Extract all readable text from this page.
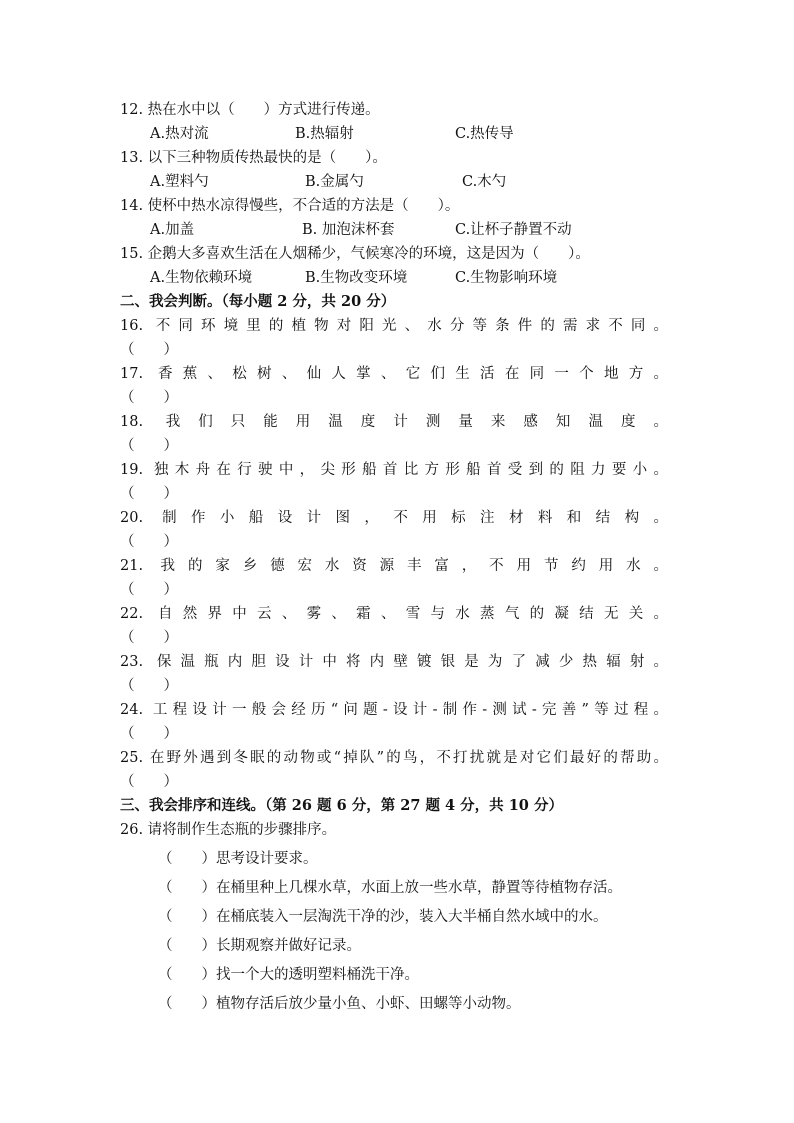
12. 热在水中以（　　）方式进行传递。
A.热对流	B.热辐射	C.热传导
13. 以下三种物质传热最快的是（　　）。
A.塑料勺	B.金属勺	C.木勺
14. 使杯中热水凉得慢些，不合适的方法是（　　）。
A.加盖	B. 加泡沫杯套	C.让杯子静置不动
15. 企鹅大多喜欢生活在人烟稀少，气候寒冷的环境，这是因为（　　）。
A.生物依赖环境	B.生物改变环境	C.生物影响环境
二、我会判断。（每小题 2 分，共 20 分）
16. 不同环境里的植物对阳光、水分等条件的需求不同。
（　　）
17. 香蕉、松树、仙人掌、它们生活在同一个地方。
（　　）
18. 我们只能用温度计测量来感知温度。
（　　）
19. 独木舟在行驶中，尖形船首比方形船首受到的阻力要小。
（　　）
20. 制作小船设计图，不用标注材料和结构。
（　　）
21. 我的家乡德宏水资源丰富，不用节约用水。
（　　）
22. 自然界中云、雾、霜、雪与水蒸气的凝结无关。
（　　）
23. 保温瓶内胆设计中将内壁镀银是为了减少热辐射。
（　　）
24. 工程设计一般会经历“问题-设计-制作-测试-完善”等过程。
（　　）
25. 在野外遇到冬眠的动物或“掉队”的鸟，不打扰就是对它们最好的帮助。
（　　）
三、我会排序和连线。（第 26 题 6 分，第 27 题 4 分，共 10 分）
26. 请将制作生态瓶的步骤排序。
（　　）思考设计要求。
（　　）在桶里种上几棵水草，水面上放一些水草，静置等待植物存活。
（　　）在桶底装入一层淘洗干净的沙，装入大半桶自然水域中的水。
（　　）长期观察并做好记录。
（　　）找一个大的透明塑料桶洗干净。
（　　）植物存活后放少量小鱼、小虾、田螺等小动物。
